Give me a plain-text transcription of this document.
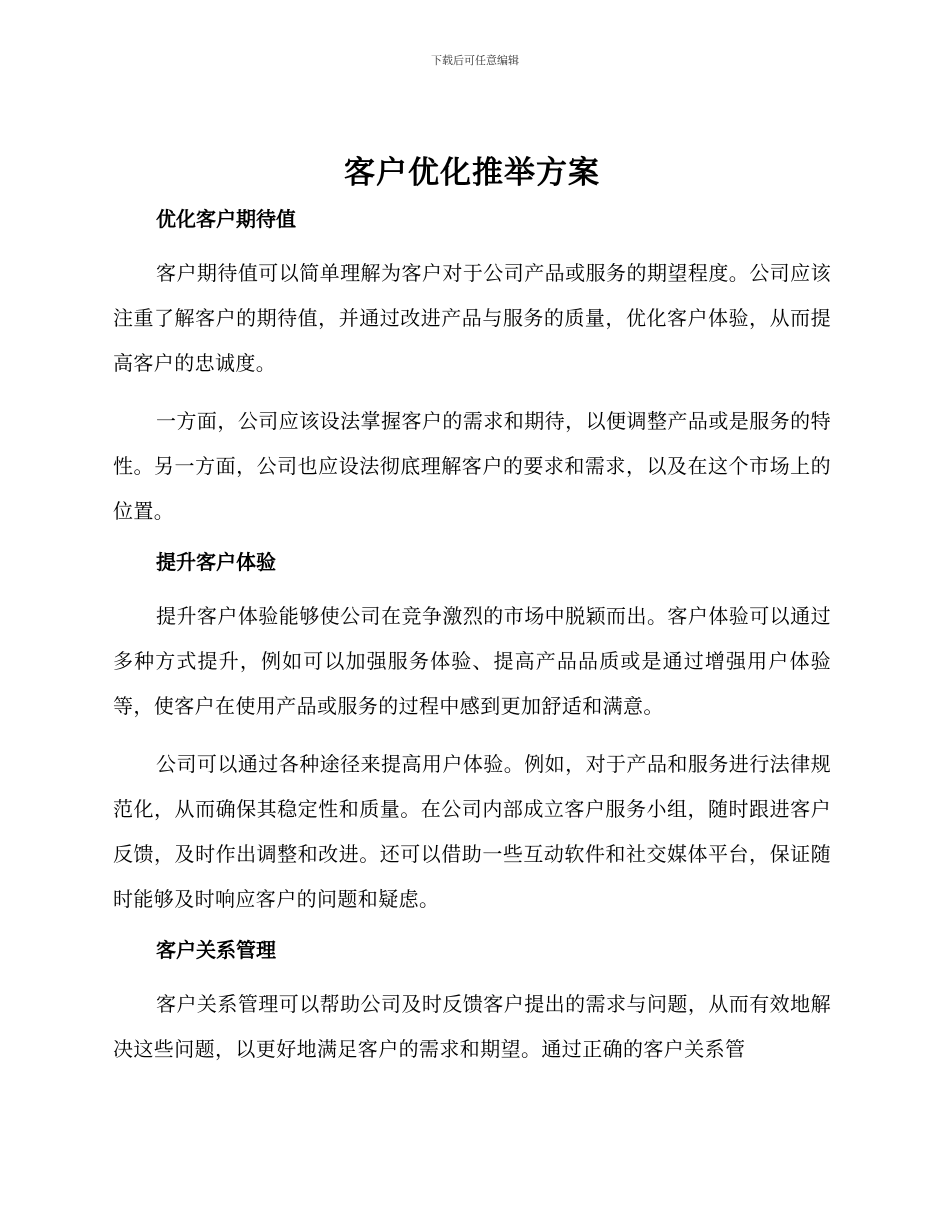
下载后可任意编辑
客户优化推举方案
优化客户期待值

客户期待值可以简单理解为客户对于公司产品或服务的期望程度。公司应该注重了解客户的期待值，并通过改进产品与服务的质量，优化客户体验，从而提高客户的忠诚度。

一方面，公司应该设法掌握客户的需求和期待，以便调整产品或是服务的特性。另一方面，公司也应设法彻底理解客户的要求和需求，以及在这个市场上的位置。

提升客户体验

提升客户体验能够使公司在竞争激烈的市场中脱颖而出。客户体验可以通过多种方式提升，例如可以加强服务体验、提高产品品质或是通过增强用户体验等，使客户在使用产品或服务的过程中感到更加舒适和满意。

公司可以通过各种途径来提高用户体验。例如，对于产品和服务进行法律规范化，从而确保其稳定性和质量。在公司内部成立客户服务小组，随时跟进客户反馈，及时作出调整和改进。还可以借助一些互动软件和社交媒体平台，保证随时能够及时响应客户的问题和疑虑。

客户关系管理

客户关系管理可以帮助公司及时反馈客户提出的需求与问题，从而有效地解决这些问题，以更好地满足客户的需求和期望。通过正确的客户关系管
